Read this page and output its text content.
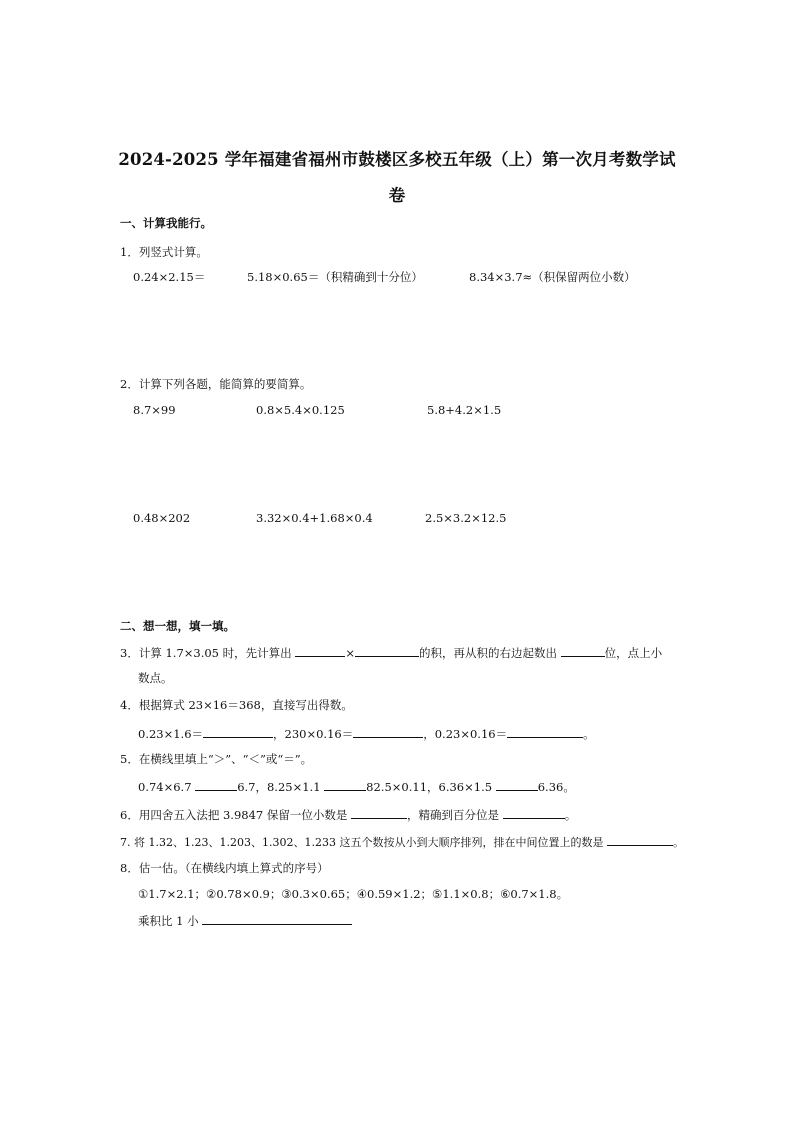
2024-2025 学年福建省福州市鼓楼区多校五年级（上）第一次月考数学试
卷
一、计算我能行。
1．列竖式计算。
0.24×2.15＝	5.18×0.65＝（积精确到十分位）	8.34×3.7≈（积保留两位小数）
2．计算下列各题，能简算的要简算。
8.7×99	0.8×5.4×0.125	5.8+4.2×1.5
0.48×202	3.32×0.4+1.68×0.4	2.5×3.2×12.5
二、想一想，填一填。
3．计算 1.7×3.05 时，先计算出	×	的积，再从积的右边起数出	位，点上小
数点。
4．根据算式 23×16＝368，直接写出得数。
0.23×1.6＝	，230×0.16＝	，0.23×0.16＝	。
5．在横线里填上“＞”、“＜”或“＝”。
0.74×6.7	6.7，8.25×1.1	82.5×0.11，6.36×1.5	6.36。
6．用四舍五入法把 3.9847 保留一位小数是	，精确到百分位是	。
7. 将 1.32、1.23、1.203、1.302、1.233 这五个数按从小到大顺序排列，排在中间位置上的数是	。
8．估一估。（在横线内填上算式的序号）
①1.7×2.1；②0.78×0.9；③0.3×0.65；④0.59×1.2；⑤1.1×0.8；⑥0.7×1.8。
乘积比 1 小
